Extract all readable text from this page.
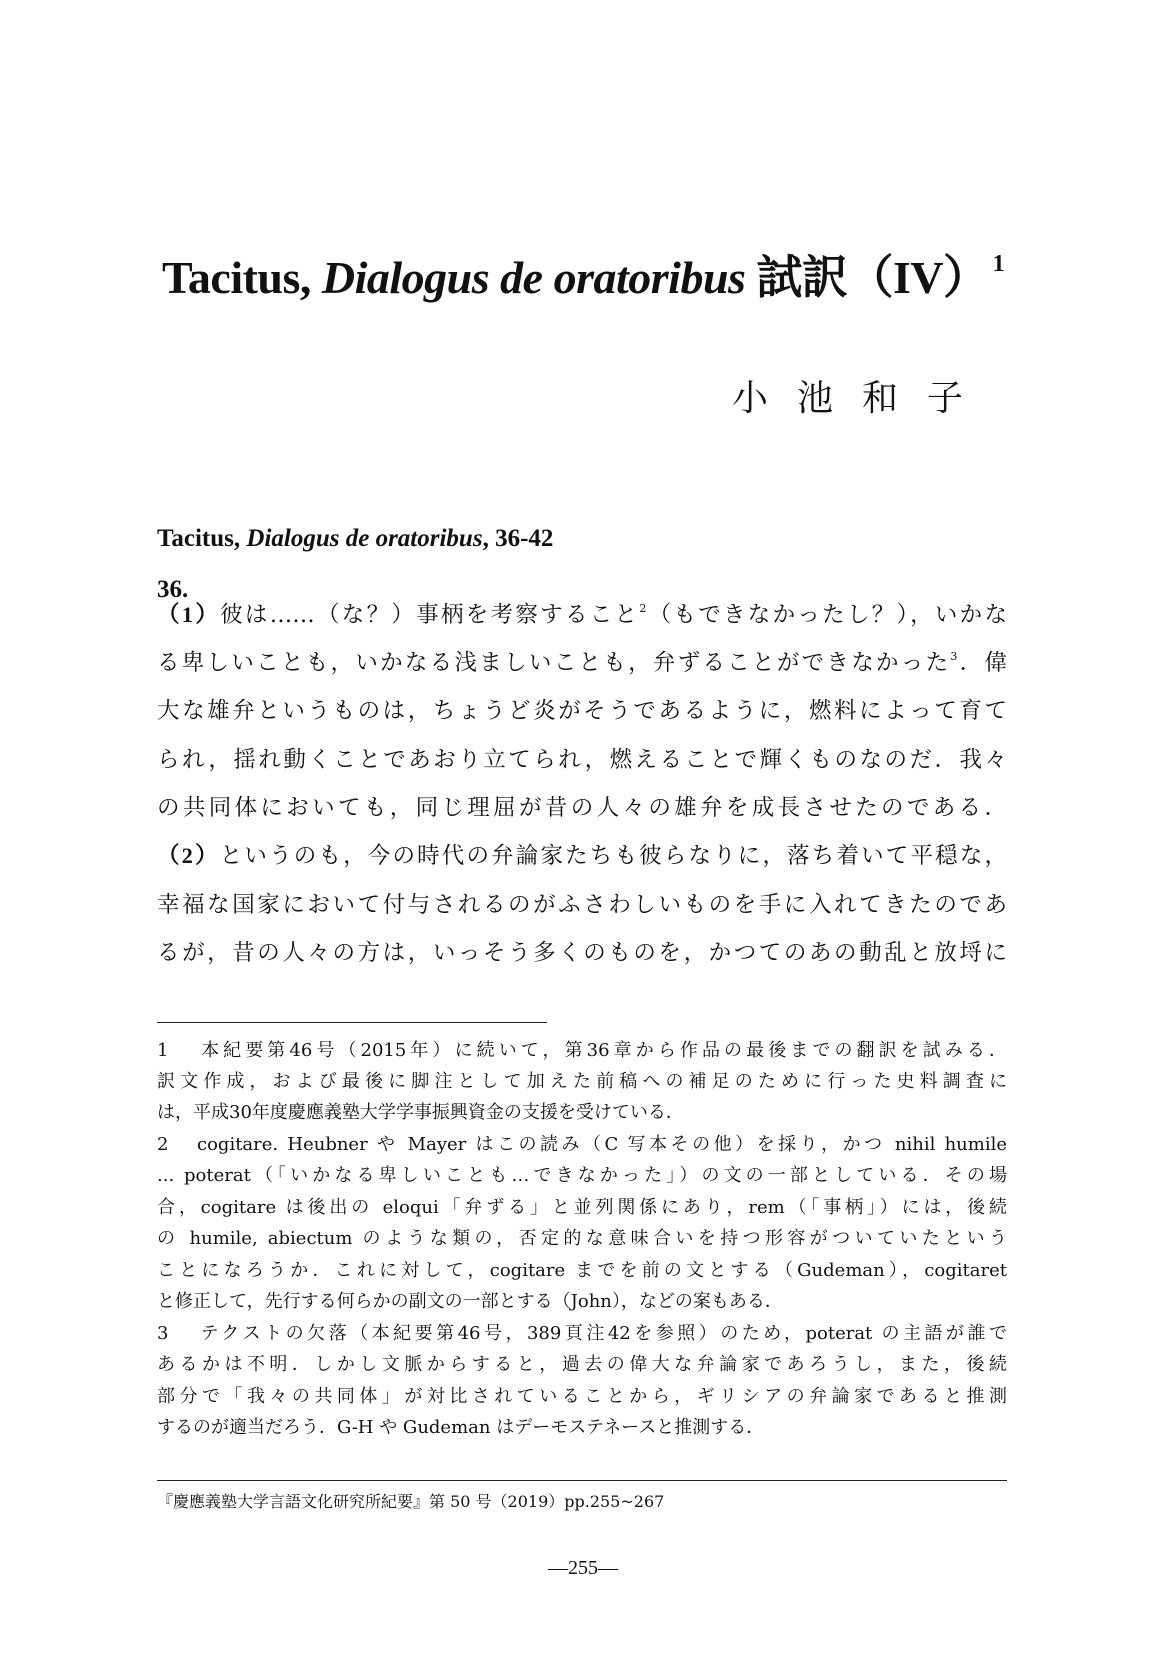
Tacitus, Dialogus de oratoribus 試訳（IV） $^1$
小池和子
Tacitus, Dialogus de oratoribus, 36-42
36.
（1）彼は……（な？）事柄を考察すること$^2$（もできなかったし？），いかな
る卑しいことも，いかなる浅ましいことも，弁ずることができなかった$^3$．偉
大な雄弁というものは，ちょうど炎がそうであるように，燃料によって育て
られ，揺れ動くことであおり立てられ，燃えることで輝くものなのだ．我々
の共同体においても，同じ理屈が昔の人々の雄弁を成長させたのである．
（2）というのも，今の時代の弁論家たちも彼らなりに，落ち着いて平穏な，
幸福な国家において付与されるのがふさわしいものを手に入れてきたのであ
るが，昔の人々の方は，いっそう多くのものを，かつてのあの動乱と放埒に
1 本紀要第46号（2015年）に続いて，第36章から作品の最後までの翻訳を試みる．
訳文作成，および最後に脚注として加えた前稿への補足のために行った史料調査に
は，平成30年度慶應義塾大学学事振興資金の支援を受けている．
2 cogitare. Heubner や Mayer はこの読み（C 写本その他）を採り，かつ nihil humile
... poterat（「いかなる卑しいことも…できなかった」）の文の一部としている．その場
合，cogitare は後出の eloqui「弁ずる」と並列関係にあり，rem（「事柄」）には，後続
の humile, abiectum のような類の，否定的な意味合いを持つ形容がついていたという
ことになろうか．これに対して，cogitare までを前の文とする（Gudeman），cogitaret
と修正して，先行する何らかの副文の一部とする（John），などの案もある．
3 テクストの欠落（本紀要第46号，389頁注42を参照）のため，poterat の主語が誰で
あるかは不明．しかし文脈からすると，過去の偉大な弁論家であろうし，また，後続
部分で「我々の共同体」が対比されていることから，ギリシアの弁論家であると推測
するのが適当だろう．G-H や Gudeman はデーモステネースと推測する．
『慶應義塾大学言語文化研究所紀要』第 50 号（2019）pp.255~267
―255―
